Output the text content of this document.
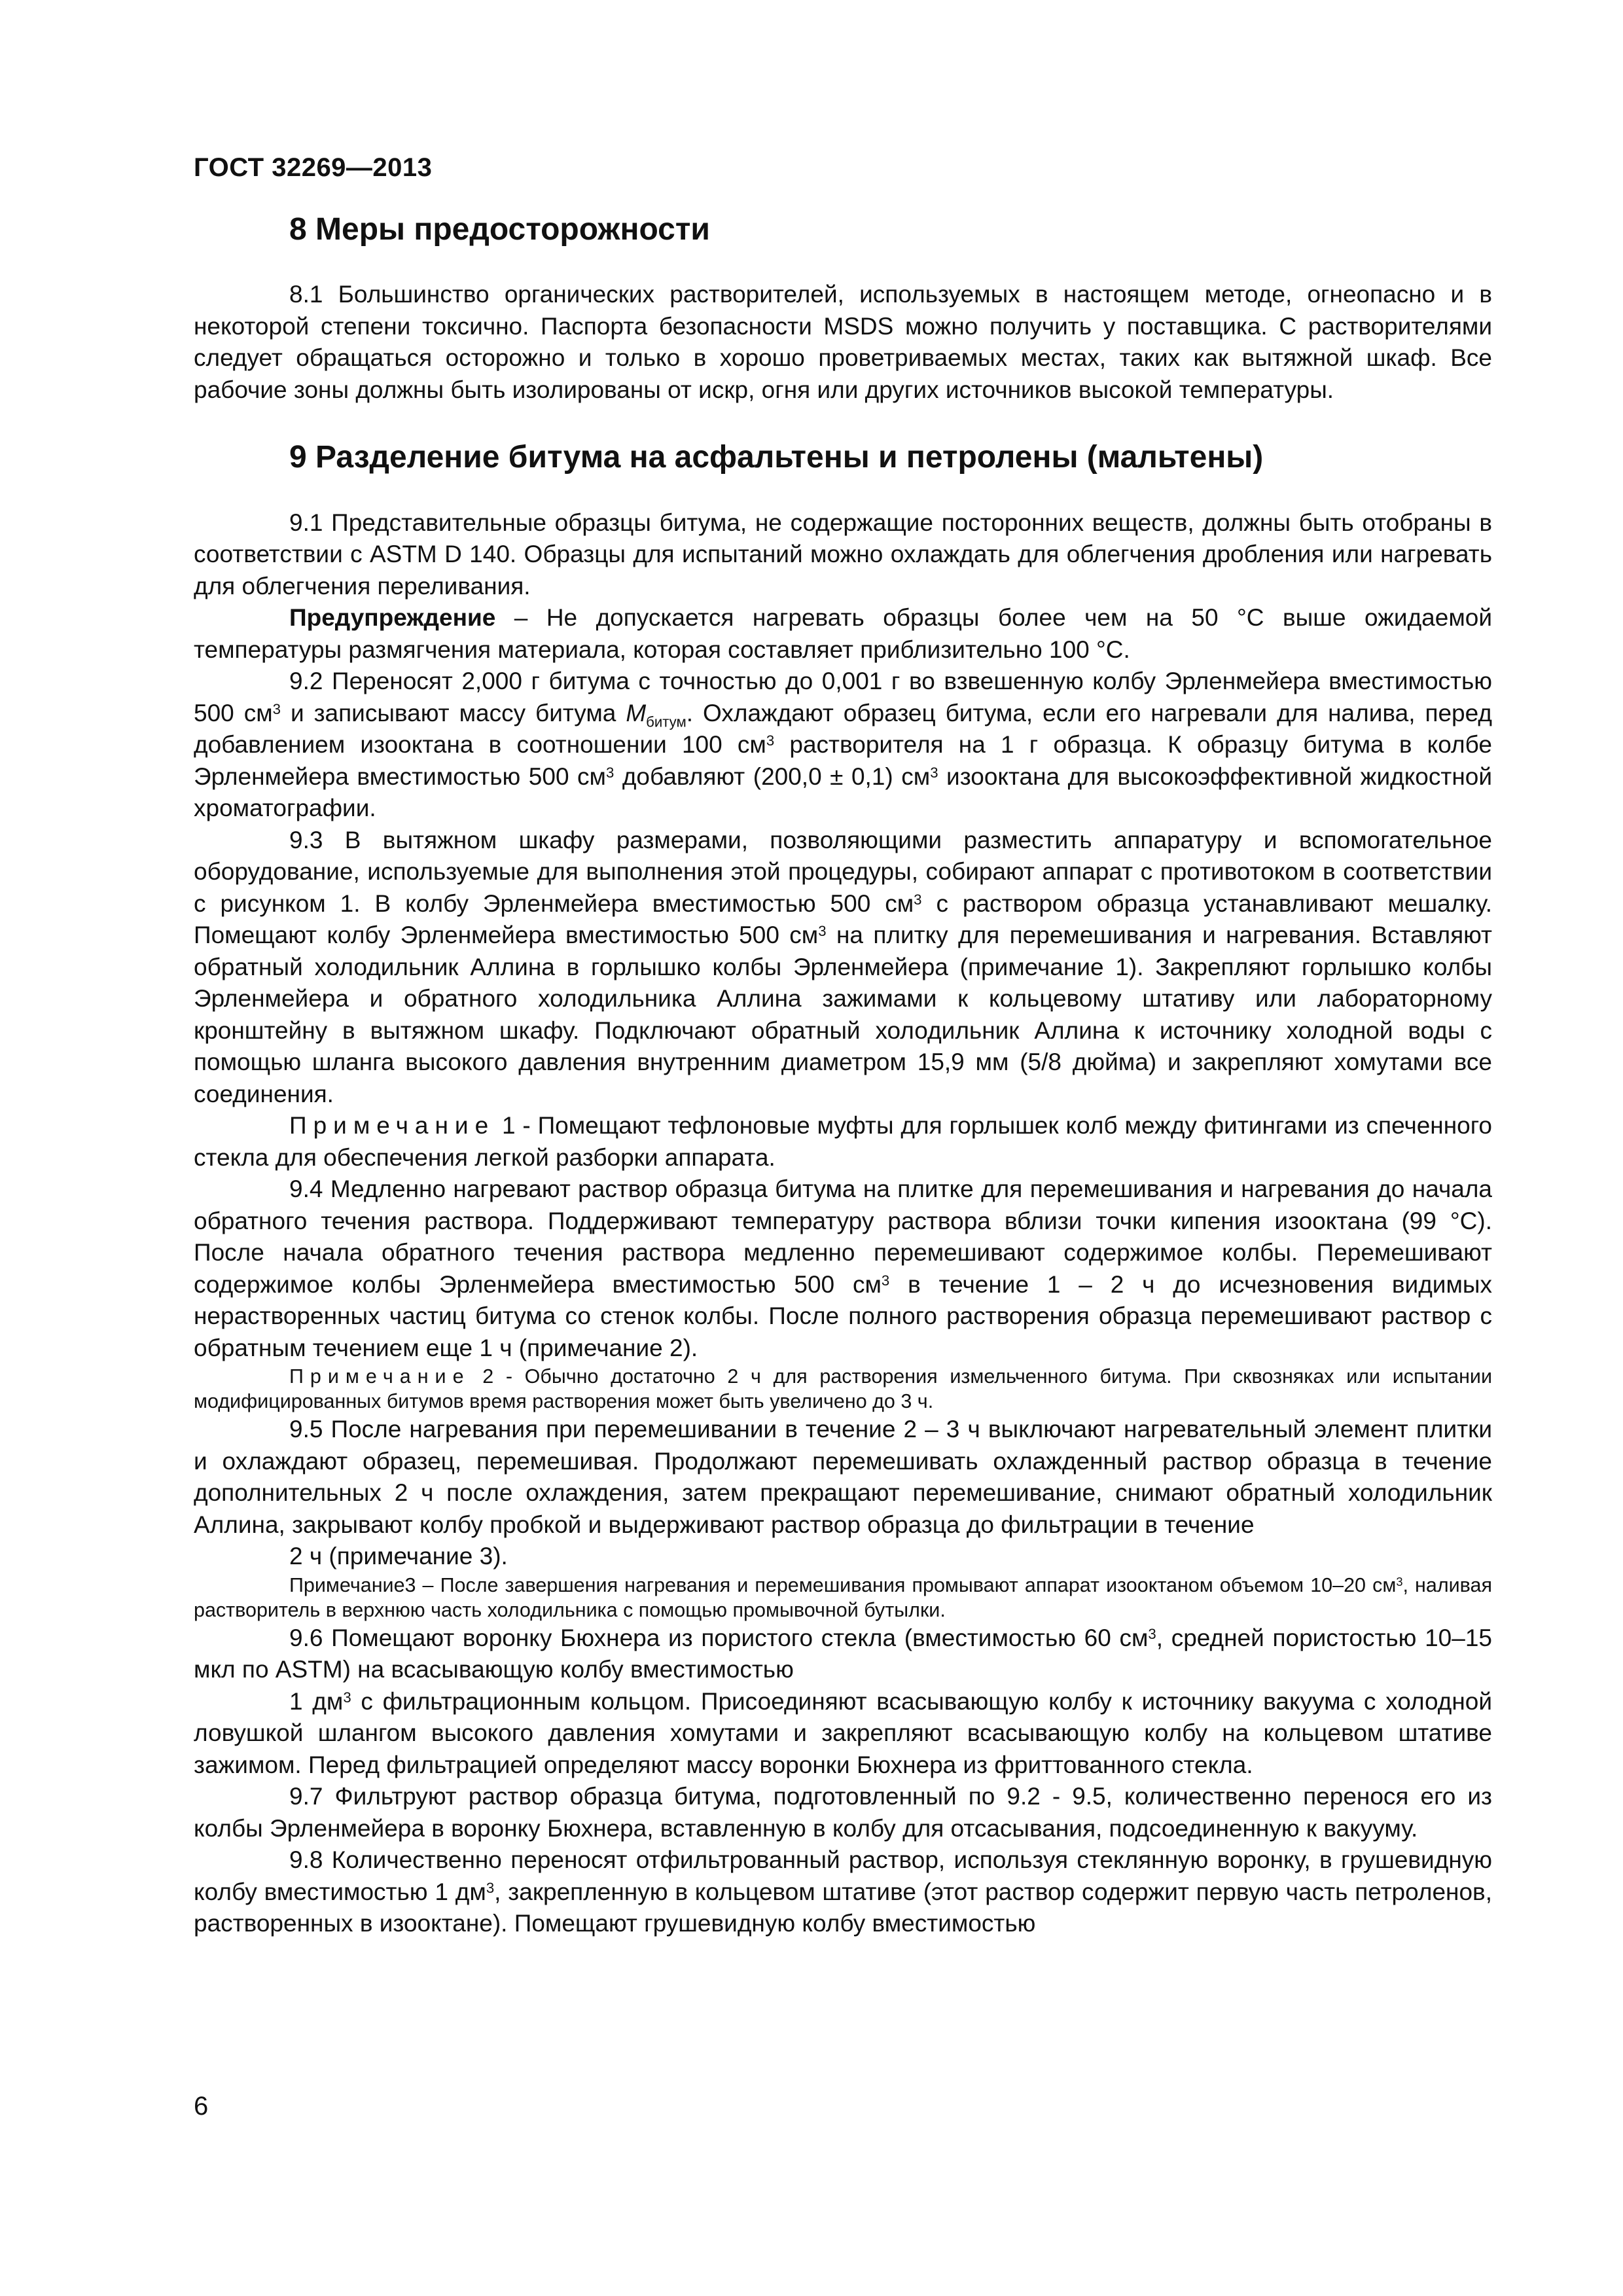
ГОСТ 32269—2013
8 Меры предосторожности

8.1 Большинство органических растворителей, используемых в настоящем методе, огнеопасно и в некоторой степени токсично. Паспорта безопасности MSDS можно получить у поставщика. С растворителями следует обращаться осторожно и только в хорошо проветриваемых местах, таких как вытяжной шкаф. Все рабочие зоны должны быть изолированы от искр, огня или других источников высокой температуры.

9 Разделение битума на асфальтены и петролены (мальтены)

9.1 Представительные образцы битума, не содержащие посторонних веществ, должны быть отобраны в соответствии с ASTM D 140. Образцы для испытаний можно охлаждать для облегчения дробления или нагревать для облегчения переливания.

Предупреждение – Не допускается нагревать образцы более чем на 50 °С выше ожидаемой температуры размягчения материала, которая составляет приблизительно 100 °С.

9.2 Переносят 2,000 г битума с точностью до 0,001 г во взвешенную колбу Эрленмейера вместимостью 500 $см^3$ и записывают массу битума $М_{битум}$. Охлаждают образец битума, если его нагревали для налива, перед добавлением изооктана в соотношении 100 $см^3$ растворителя на 1 г образца. К образцу битума в колбе Эрленмейера вместимостью 500 $см^3$ добавляют (200,0 ± 0,1) $см^3$ изооктана для высокоэффективной жидкостной хроматографии.

9.3 В вытяжном шкафу размерами, позволяющими разместить аппаратуру и вспомогательное оборудование, используемые для выполнения этой процедуры, собирают аппарат с противотоком в соответствии с рисунком 1. В колбу Эрленмейера вместимостью 500 $см^3$ с раствором образца устанавливают мешалку. Помещают колбу Эрленмейера вместимостью 500 $см^3$ на плитку для перемешивания и нагревания. Вставляют обратный холодильник Аллина в горлышко колбы Эрленмейера (примечание 1). Закрепляют горлышко колбы Эрленмейера и обратного холодильника Аллина зажимами к кольцевому штативу или лабораторному кронштейну в вытяжном шкафу. Подключают обратный холодильник Аллина к источнику холодной воды с помощью шланга высокого давления внутренним диаметром 15,9 мм (5/8 дюйма) и закрепляют хомутами все соединения.

Примечание 1 - Помещают тефлоновые муфты для горлышек колб между фитингами из спеченного стекла для обеспечения легкой разборки аппарата.

9.4 Медленно нагревают раствор образца битума на плитке для перемешивания и нагревания до начала обратного течения раствора. Поддерживают температуру раствора вблизи точки кипения изооктана (99 °С). После начала обратного течения раствора медленно перемешивают содержимое колбы. Перемешивают содержимое колбы Эрленмейера вместимостью 500 $см^3$ в течение 1 – 2 ч до исчезновения видимых нерастворенных частиц битума со стенок колбы. После полного растворения образца перемешивают раствор с обратным течением еще 1 ч (примечание 2).

Примечание 2 - Обычно достаточно 2 ч для растворения измельченного битума. При сквозняках или испытании модифицированных битумов время растворения может быть увеличено до 3 ч.

9.5 После нагревания при перемешивании в течение 2 – 3 ч выключают нагревательный элемент плитки и охлаждают образец, перемешивая. Продолжают перемешивать охлажденный раствор образца в течение дополнительных 2 ч после охлаждения, затем прекращают перемешивание, снимают обратный холодильник Аллина, закрывают колбу пробкой и выдерживают раствор образца до фильтрации в течение

2 ч (примечание 3).

Примечание3 – После завершения нагревания и перемешивания промывают аппарат изооктаном объемом 10–20 $см^3$, наливая растворитель в верхнюю часть холодильника с помощью промывочной бутылки.

9.6 Помещают воронку Бюхнера из пористого стекла (вместимостью 60 $см^3$, средней пористостью 10–15 мкл по ASTM) на всасывающую колбу вместимостью

1 $дм^3$ с фильтрационным кольцом. Присоединяют всасывающую колбу к источнику вакуума с холодной ловушкой шлангом высокого давления хомутами и закрепляют всасывающую колбу на кольцевом штативе зажимом. Перед фильтрацией определяют массу воронки Бюхнера из фриттованного стекла.

9.7 Фильтруют раствор образца битума, подготовленный по 9.2 - 9.5, количественно перенося его из колбы Эрленмейера в воронку Бюхнера, вставленную в колбу для отсасывания, подсоединенную к вакууму.

9.8 Количественно переносят отфильтрованный раствор, используя стеклянную воронку, в грушевидную колбу вместимостью 1 $дм^3$, закрепленную в кольцевом штативе (этот раствор содержит первую часть петроленов, растворенных в изооктане). Помещают грушевидную колбу вместимостью

6
